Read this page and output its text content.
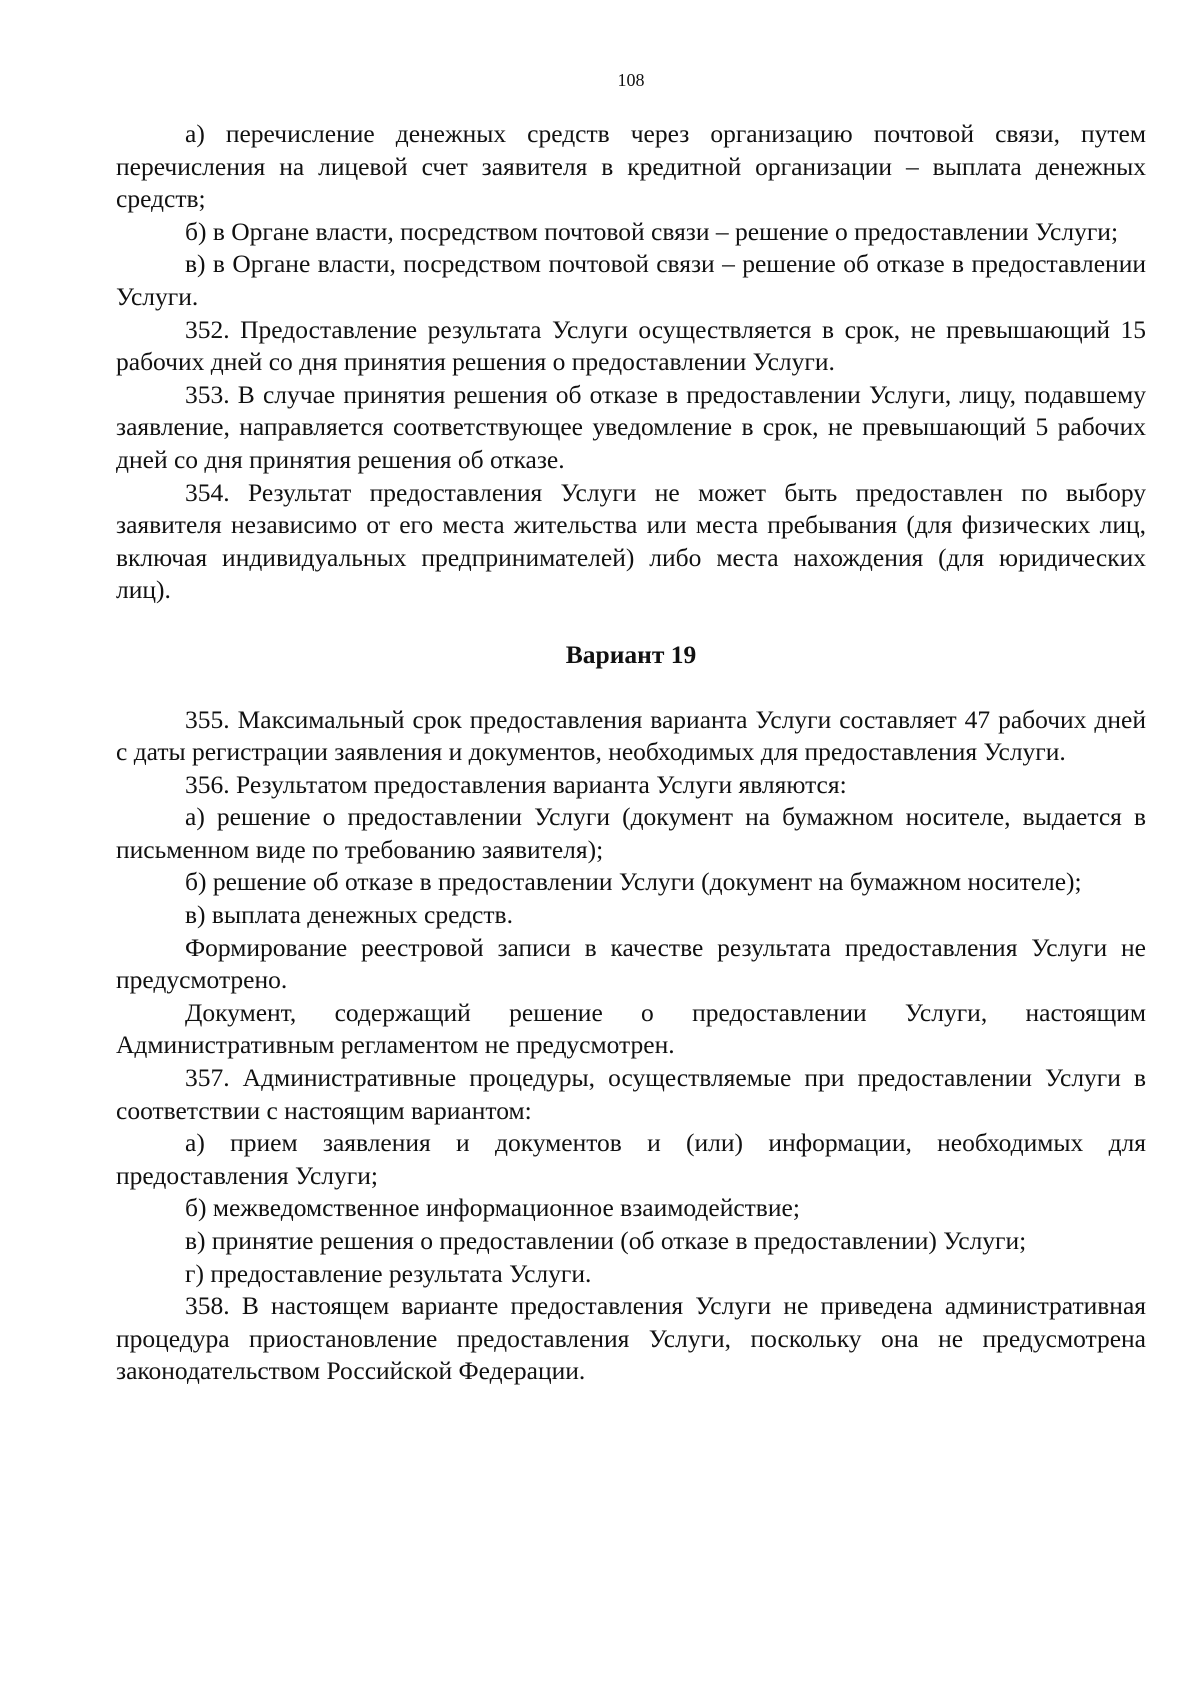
108

а) перечисление денежных средств через организацию почтовой связи, путем перечисления на лицевой счет заявителя в кредитной организации – выплата денежных средств;

б) в Органе власти, посредством почтовой связи – решение о предоставлении Услуги;

в) в Органе власти, посредством почтовой связи – решение об отказе в предоставлении Услуги.

352. Предоставление результата Услуги осуществляется в срок, не превышающий 15 рабочих дней со дня принятия решения о предоставлении Услуги.

353. В случае принятия решения об отказе в предоставлении Услуги, лицу, подавшему заявление, направляется соответствующее уведомление в срок, не превышающий 5 рабочих дней со дня принятия решения об отказе.

354. Результат предоставления Услуги не может быть предоставлен по выбору заявителя независимо от его места жительства или места пребывания (для физических лиц, включая индивидуальных предпринимателей) либо места нахождения (для юридических лиц).

Вариант 19

355. Максимальный срок предоставления варианта Услуги составляет 47 рабочих дней с даты регистрации заявления и документов, необходимых для предоставления Услуги.

356. Результатом предоставления варианта Услуги являются:

а) решение о предоставлении Услуги (документ на бумажном носителе, выдается в письменном виде по требованию заявителя);

б) решение об отказе в предоставлении Услуги (документ на бумажном носителе);

в) выплата денежных средств.

Формирование реестровой записи в качестве результата предоставления Услуги не предусмотрено.

Документ, содержащий решение о предоставлении Услуги, настоящим Административным регламентом не предусмотрен.

357. Административные процедуры, осуществляемые при предоставлении Услуги в соответствии с настоящим вариантом:

а) прием заявления и документов и (или) информации, необходимых для предоставления Услуги;

б) межведомственное информационное взаимодействие;

в) принятие решения о предоставлении (об отказе в предоставлении) Услуги;

г) предоставление результата Услуги.

358. В настоящем варианте предоставления Услуги не приведена административная процедура приостановление предоставления Услуги, поскольку она не предусмотрена законодательством Российской Федерации.
